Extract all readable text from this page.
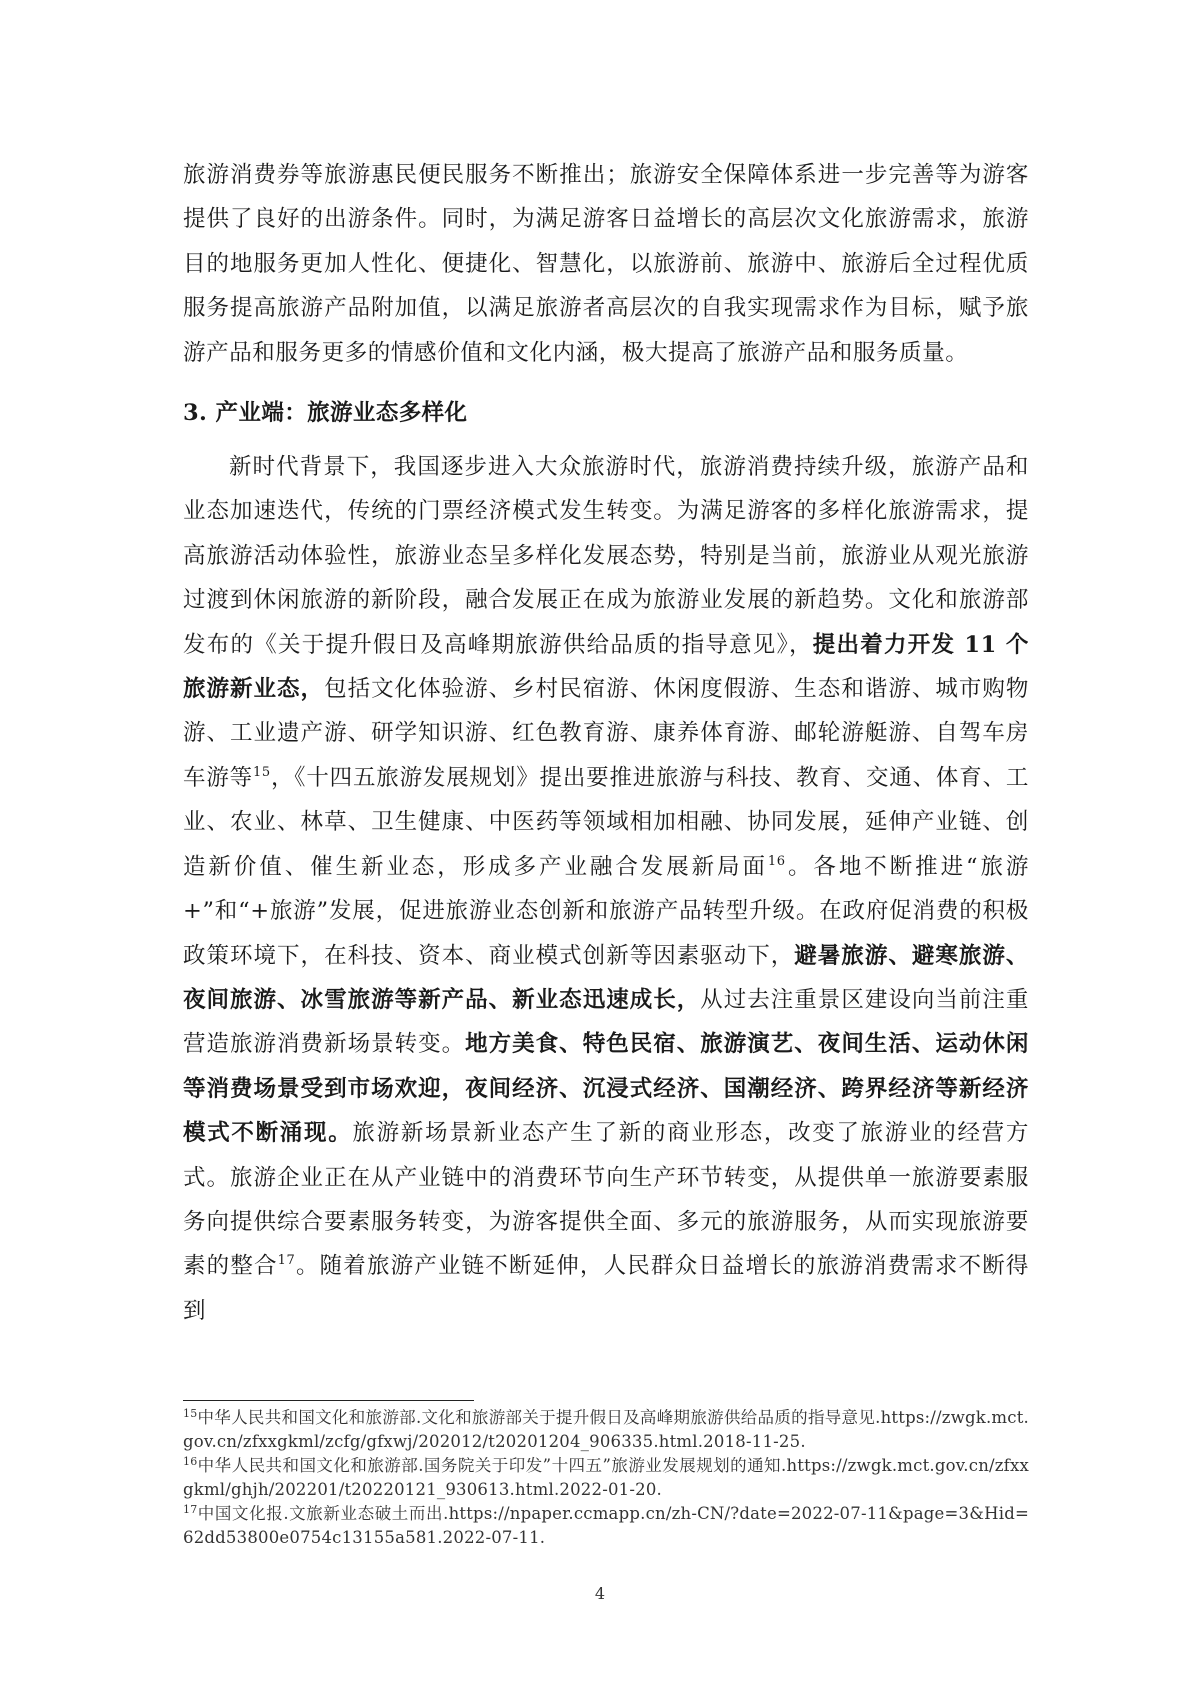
旅游消费券等旅游惠民便民服务不断推出；旅游安全保障体系进一步完善等为游客提供了良好的出游条件。同时，为满足游客日益增长的高层次文化旅游需求，旅游目的地服务更加人性化、便捷化、智慧化，以旅游前、旅游中、旅游后全过程优质服务提高旅游产品附加值，以满足旅游者高层次的自我实现需求作为目标，赋予旅游产品和服务更多的情感价值和文化内涵，极大提高了旅游产品和服务质量。

3. 产业端：旅游业态多样化

新时代背景下，我国逐步进入大众旅游时代，旅游消费持续升级，旅游产品和业态加速迭代，传统的门票经济模式发生转变。为满足游客的多样化旅游需求，提高旅游活动体验性，旅游业态呈多样化发展态势，特别是当前，旅游业从观光旅游过渡到休闲旅游的新阶段，融合发展正在成为旅游业发展的新趋势。文化和旅游部发布的《关于提升假日及高峰期旅游供给品质的指导意见》，提出着力开发 11 个旅游新业态，包括文化体验游、乡村民宿游、休闲度假游、生态和谐游、城市购物游、工业遗产游、研学知识游、红色教育游、康养体育游、邮轮游艇游、自驾车房车游等$^{15}$，《十四五旅游发展规划》提出要推进旅游与科技、教育、交通、体育、工业、农业、林草、卫生健康、中医药等领域相加相融、协同发展，延伸产业链、创造新价值、催生新业态，形成多产业融合发展新局面$^{16}$。各地不断推进“旅游+”和“+旅游”发展，促进旅游业态创新和旅游产品转型升级。在政府促消费的积极政策环境下，在科技、资本、商业模式创新等因素驱动下，避暑旅游、避寒旅游、夜间旅游、冰雪旅游等新产品、新业态迅速成长，从过去注重景区建设向当前注重营造旅游消费新场景转变。地方美食、特色民宿、旅游演艺、夜间生活、运动休闲等消费场景受到市场欢迎，夜间经济、沉浸式经济、国潮经济、跨界经济等新经济模式不断涌现。旅游新场景新业态产生了新的商业形态，改变了旅游业的经营方式。旅游企业正在从产业链中的消费环节向生产环节转变，从提供单一旅游要素服务向提供综合要素服务转变，为游客提供全面、多元的旅游服务，从而实现旅游要素的整合$^{17}$。随着旅游产业链不断延伸，人民群众日益增长的旅游消费需求不断得到

$^{15}$中华人民共和国文化和旅游部.文化和旅游部关于提升假日及高峰期旅游供给品质的指导意见.https://zwgk.mct.gov.cn/zfxxgkml/zcfg/gfxwj/202012/t20201204_906335.html.2018-11-25.

$^{16}$中华人民共和国文化和旅游部.国务院关于印发”十四五”旅游业发展规划的通知.https://zwgk.mct.gov.cn/zfxxgkml/ghjh/202201/t20220121_930613.html.2022-01-20.

$^{17}$中国文化报.文旅新业态破土而出.https://npaper.ccmapp.cn/zh-CN/?date=2022-07-11&page=3&Hid=62dd53800e0754c13155a581.2022-07-11.

4
